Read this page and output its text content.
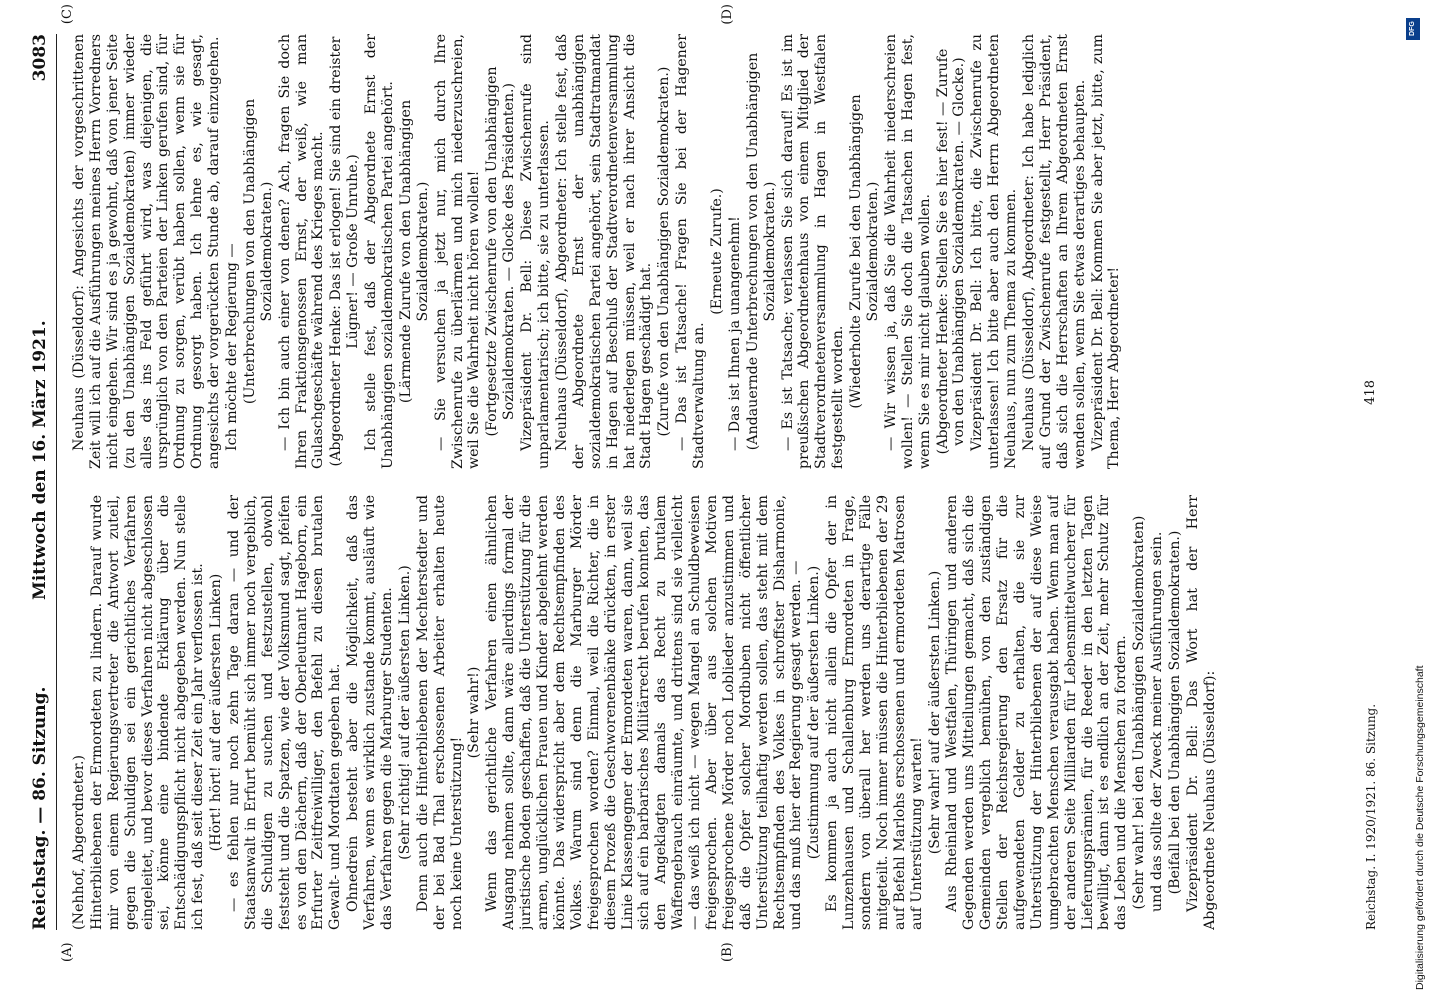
Reichstag. — 86. Sitzung.
Mittwoch den 16. März 1921.
3083

(Nehhof, Abgeordneter.) Hinterbliebenen der Ermordeten zu lindern. Darauf wurde mir von einem Regierungsvertreter die Antwort zuteil, gegen die Schuldigen sei ein gerichtliches Verfahren eingeleitet, und bevor dieses Verfahren nicht abgeschlossen sei, könne eine bindende Erklärung über die Entschädigungspflicht nicht abgegeben werden. Nun stelle ich fest, daß seit dieser Zeit ein Jahr verflossen ist. (Hört! hört! auf der äußersten Linken) — es fehlen nur noch zehn Tage daran — und der Staatsanwalt in Erfurt bemüht sich immer noch vergeblich, die Schuldigen zu suchen und festzustellen, obwohl feststeht und die Spatzen, wie der Volksmund sagt, pfeifen es von den Dächern, daß der Oberleutnant Hageborn, ein Erfurter Zeitfreiwilliger, den Befehl zu diesen brutalen Gewalt- und Mordtaten gegeben hat. Ohnedrein besteht aber die Möglichkeit, daß das Verfahren, wenn es wirklich zustande kommt, ausläuft wie das Verfahren gegen die Marburger Studenten. (Sehr richtig! auf der äußersten Linken.) Denn auch die Hinterbliebenen der Mechterstedter und der bei Bad Thal erschossenen Arbeiter erhalten heute noch keine Unterstützung!

(Sehr wahr!) Wenn das gerichtliche Verfahren einen ähnlichen Ausgang nehmen sollte, dann wäre allerdings formal der juristische Boden geschaffen, daß die Unterstützung für die armen, unglücklichen Frauen und Kinder abgelehnt werden könnte. Das widerspricht aber dem Rechtsempfinden des Volkes. Warum sind denn die Marburger Mörder freigesprochen worden? Einmal, weil die Richter, die in diesem Prozeß die Geschworenenbänke drückten, in erster Linie Klassengegner der Ermordeten waren, dann, weil sie sich auf ein barbarisches Militärrecht berufen konnten, das den Angeklagten damals das Recht zu brutalem Waffengebrauch einräumte, und drittens sind sie vielleicht — das weiß ich nicht — wegen Mangel an Schuldbeweisen freigesprochen. Aber über aus solchen Motiven freigesprochene Mörder noch Loblieder anzustimmen und daß die Opfer solcher Mordbuben nicht öffentlicher Unterstützung teilhaftig werden sollen, das steht mit dem Rechtsempfinden des Volkes in schroffster Disharmonie, und das muß hier der Regierung gesagt werden. — (Zustimmung auf der äußersten Linken.) Es kommen ja auch nicht allein die Opfer der in Lunzenhausen und Schallenburg Ermordeten in Frage, sondern von überall her werden uns derartige Fälle mitgeteilt. Noch immer müssen die Hinterbliebenen der 29 auf Befehl Marlohs erschossenen und ermordeten Matrosen auf Unterstützung warten! (Sehr wahr! auf der äußersten Linken.) Aus Rheinland und Westfalen, Thüringen und anderen Gegenden werden uns Mitteilungen gemacht, daß sich die Gemeinden vergeblich bemühen, von den zuständigen Stellen der Reichsregierung den Ersatz für die aufgewendeten Gelder zu erhalten, die sie zur Unterstützung der Hinterbliebenen der auf diese Weise umgebrachten Menschen verausgabt haben. Wenn man auf der anderen Seite Milliarden für Lebensmittelwucherer für Lieferungsprämien, für die Reeder in den letzten Tagen bewilligt, dann ist es endlich an der Zeit, mehr Schutz für das Leben und die Menschen zu fordern. (Sehr wahr! bei den Unabhängigen Sozialdemokraten) und das sollte der Zweck meiner Ausführungen sein. (Beifall bei den Unabhängigen Sozialdemokraten.) Vizepräsident Dr. Bell: Das Wort hat der Herr Abgeordnete Neuhaus (Düsseldorf):

Neuhaus (Düsseldorf): Angesichts der vorgeschrittenen Zeit will ich auf die Ausführungen meines Herrn Vorredners nicht eingehen. Wir sind es ja gewohnt, daß von jener Seite (zu den Unabhängigen Sozialdemokraten) immer wieder alles das ins Feld geführt wird, was diejenigen, die ursprünglich von den Parteien der Linken gerufen sind, für Ordnung zu sorgen, verübt haben sollen, wenn sie für Ordnung gesorgt haben. Ich lehne es, wie gesagt, angesichts der vorgerückten Stunde ab, darauf einzugehen. Ich möchte der Regierung — (Unterbrechungen von den Unabhängigen Sozialdemokraten.) — Ich bin auch einer von denen? Ach, fragen Sie doch Ihren Fraktionsgenossen Ernst, der weiß, wie man Gulaschgeschäfte während des Krieges macht. (Abgeordneter Henke: Das ist erlogen! Sie sind ein dreister Lügner! — Große Unruhe.) Ich stelle fest, daß der Abgeordnete Ernst der Unabhängigen sozialdemokratischen Partei angehört. (Lärmende Zurufe von den Unabhängigen Sozialdemokraten.) — Sie versuchen ja jetzt nur, mich durch Ihre Zwischenrufe zu überlärmen und mich niederzuschreien, weil Sie die Wahrheit nicht hören wollen! (Fortgesetzte Zwischenrufe von den Unabhängigen Sozialdemokraten. — Glocke des Präsidenten.) Vizepräsident Dr. Bell: Diese Zwischenrufe sind unparlamentarisch; ich bitte, sie zu unterlassen. Neuhaus (Düsseldorf), Abgeordneter: Ich stelle fest, daß der Abgeordnete Ernst der unabhängigen sozialdemokratischen Partei angehört, sein Stadtratmandat in Hagen auf Beschluß der Stadtverordnetenversammlung hat niederlegen müssen, weil er nach ihrer Ansicht die Stadt Hagen geschädigt hat. (Zurufe von den Unabhängigen Sozialdemokraten.) — Das ist Tatsache! Fragen Sie bei der Hagener Stadtverwaltung an.

(Erneute Zurufe.) — Das ist Ihnen ja unangenehm! (Andauernde Unterbrechungen von den Unabhängigen Sozialdemokraten.) — Es ist Tatsache; verlassen Sie sich darauf! Es ist im preußischen Abgeordnetenhaus von einem Mitglied der Stadtverordnetenversammlung in Hagen in Westfalen festgestellt worden. (Wiederholte Zurufe bei den Unabhängigen Sozialdemokraten.) — Wir wissen ja, daß Sie die Wahrheit niederschreien wollen! — Stellen Sie doch die Tatsachen in Hagen fest, wenn Sie es mir nicht glauben wollen. (Abgeordneter Henke: Stellen Sie es hier fest! — Zurufe von den Unabhängigen Sozialdemokraten. — Glocke.) Vizepräsident Dr. Bell: Ich bitte, die Zwischenrufe zu unterlassen! Ich bitte aber auch den Herrn Abgeordneten Neuhaus, nun zum Thema zu kommen. Neuhaus (Düsseldorf), Abgeordneter: Ich habe lediglich auf Grund der Zwischenrufe festgestellt, Herr Präsident, daß sich die Herrschaften an Ihrem Abgeordneten Ernst wenden sollen, wenn Sie etwas derartiges behaupten. Vizepräsident Dr. Bell: Kommen Sie aber jetzt, bitte, zum Thema, Herr Abgeordneter!

(A)	(B)
(C)	(D)
Reichstag. I. 1920/1921. 86. Sitzung.
418
DFG
Digitalisierung gefördert durch die Deutsche Forschungsgemeinschaft
